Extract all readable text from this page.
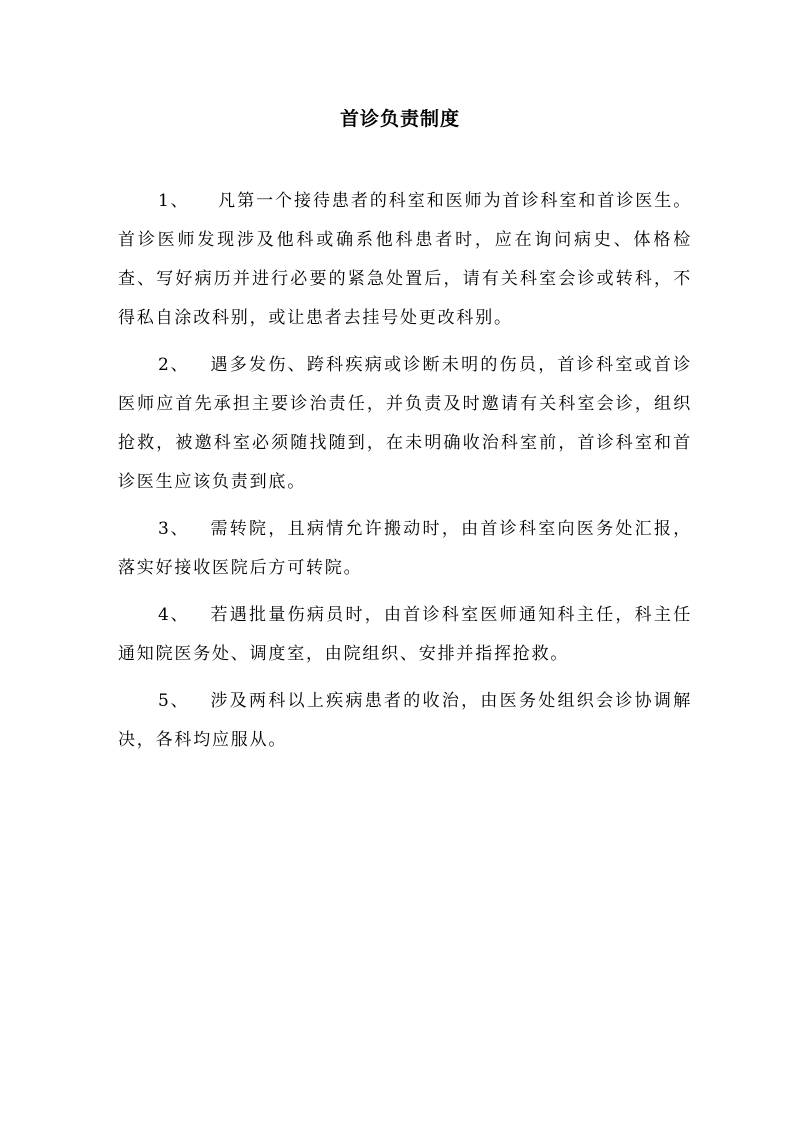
首诊负责制度

1、 凡第一个接待患者的科室和医师为首诊科室和首诊医生。首诊医师发现涉及他科或确系他科患者时，应在询问病史、体格检查、写好病历并进行必要的紧急处置后，请有关科室会诊或转科，不得私自涂改科别，或让患者去挂号处更改科别。

2、 遇多发伤、跨科疾病或诊断未明的伤员，首诊科室或首诊医师应首先承担主要诊治责任，并负责及时邀请有关科室会诊，组织抢救，被邀科室必须随找随到，在未明确收治科室前，首诊科室和首诊医生应该负责到底。

3、 需转院，且病情允许搬动时，由首诊科室向医务处汇报，落实好接收医院后方可转院。

4、 若遇批量伤病员时，由首诊科室医师通知科主任，科主任通知院医务处、调度室，由院组织、安排并指挥抢救。

5、 涉及两科以上疾病患者的收治，由医务处组织会诊协调解决，各科均应服从。
